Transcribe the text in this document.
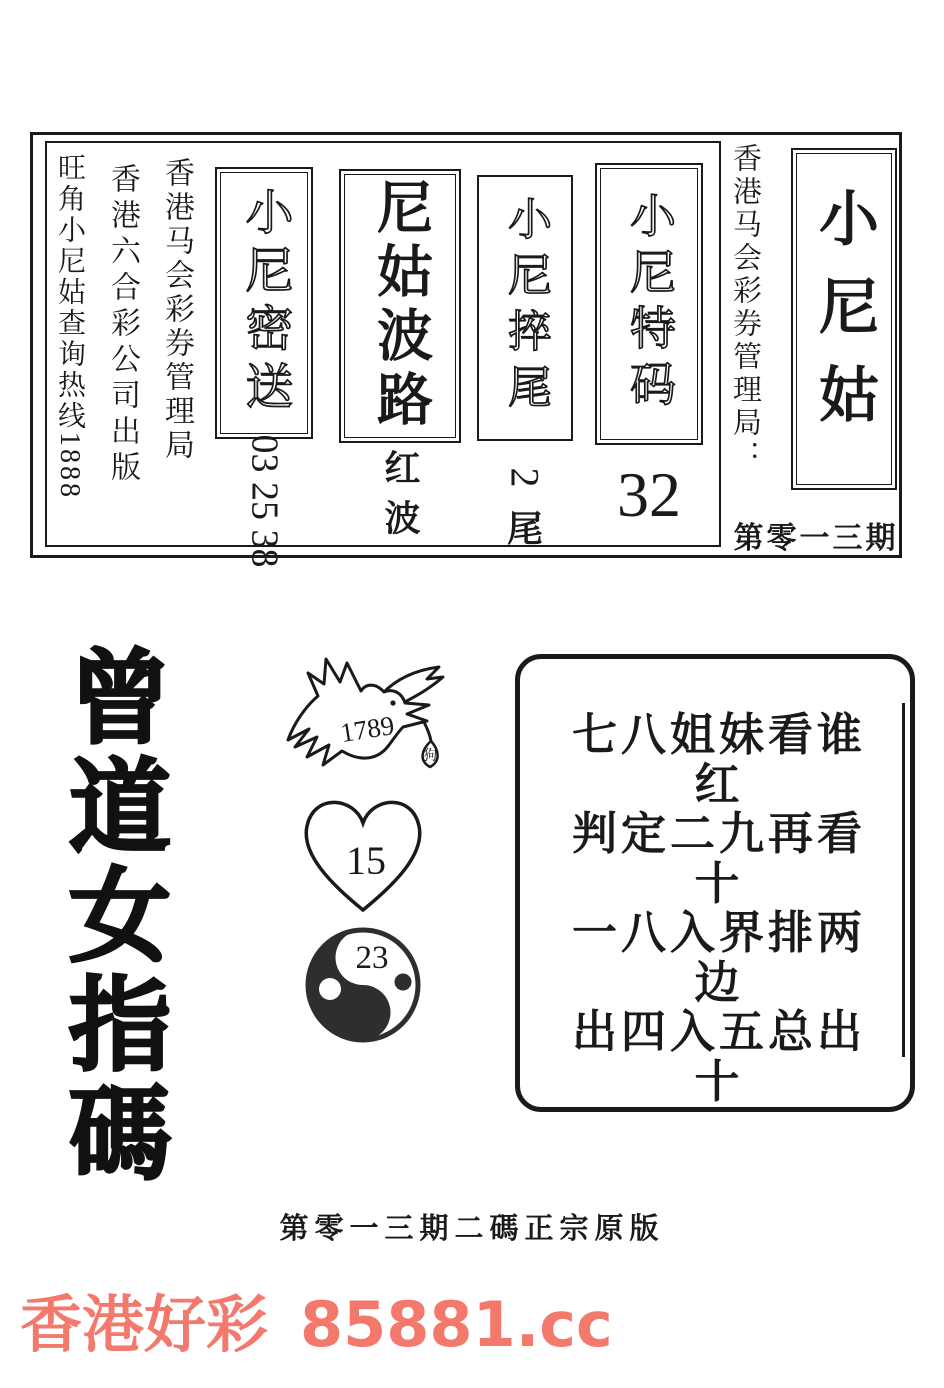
旺角小尼姑查询热线1888 香港六合彩公司出版 香港马会彩券管理局 小尼密送
03 25 38
尼姑波路
红波
小尼捽尾
2
尾
小尼特码
32
香港马会彩券管理局： 小尼姑
第零一三期
曾道女指碼	1789
狗
15
23
七八姐妹看谁红
判定二九再看十
一八入界排两边
出四入五总出十
第零一三期二碼正宗原版
香港好彩 85881.cc
